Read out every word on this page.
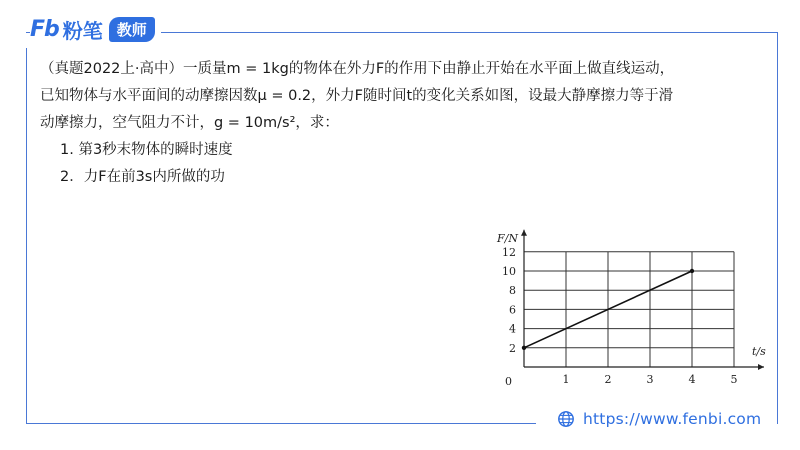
Fb 粉笔 教师

（真题2022上·高中）一质量m = 1kg的物体在外力F的作用下由静止开始在水平面上做直线运动，

已知物体与水平面间的动摩擦因数μ = 0.2，外力F随时间t的变化关系如图，设最大静摩擦力等于滑

动摩擦力，空气阻力不计，g = 10m/s²，求：

1. 第3秒末物体的瞬时速度

2．力F在前3s内所做的功

1	2	3	4	5
2
4
6
8
10
12
0
t/s
F/N
https://www.fenbi.com
